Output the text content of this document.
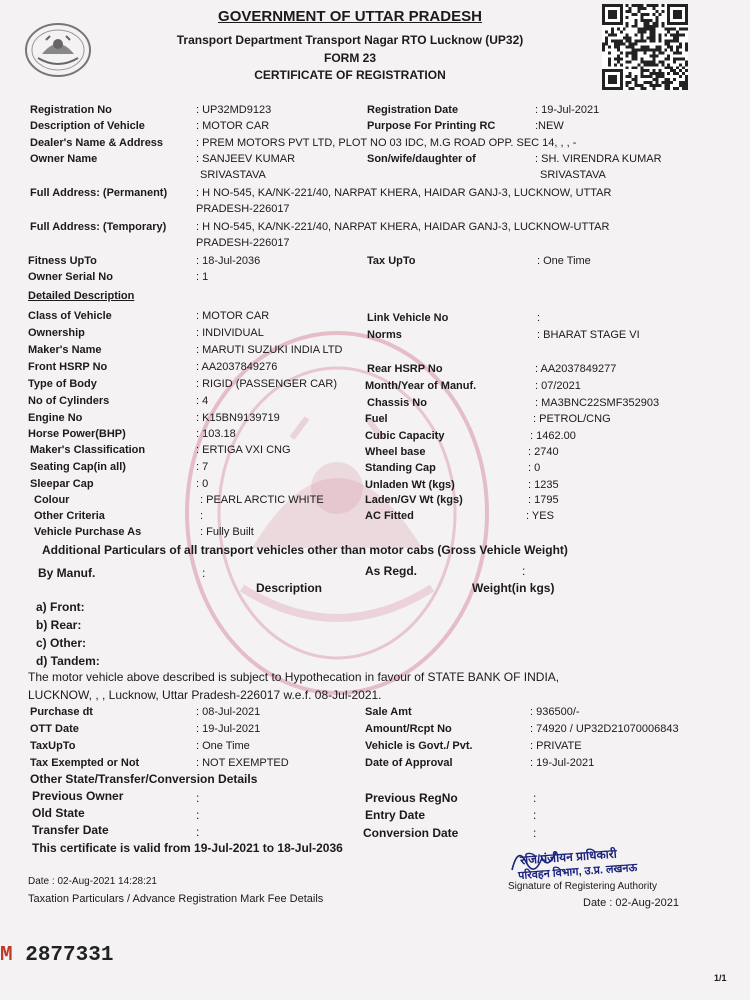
GOVERNMENT OF UTTAR PRADESH
Transport Department Transport Nagar RTO Lucknow (UP32)
FORM 23
CERTIFICATE OF REGISTRATION
Registration No	: UP32MD9123	Registration Date	: 19-Jul-2021
Description of Vehicle	: MOTOR CAR	Purpose For Printing RC	:NEW
Dealer's Name & Address	: PREM MOTORS PVT LTD, PLOT NO 03 IDC, M.G ROAD OPP. SEC 14, , , -
Owner Name	: SANJEEV KUMAR	Son/wife/daughter of	: SH. VIRENDRA KUMAR
SRIVASTAVA	SRIVASTAVA
Full Address: (Permanent)	: H NO-545, KA/NK-221/40, NARPAT KHERA, HAIDAR GANJ-3, LUCKNOW, UTTAR
PRADESH-226017
Full Address: (Temporary)	: H NO-545, KA/NK-221/40, NARPAT KHERA, HAIDAR GANJ-3, LUCKNOW-UTTAR
PRADESH-226017
Fitness UpTo	: 18-Jul-2036	Tax UpTo	: One Time
Owner Serial No	: 1
Detailed Description
Class of Vehicle	: MOTOR CAR	Link Vehicle No	:
Ownership	: INDIVIDUAL	Norms	: BHARAT STAGE VI
Maker's Name	: MARUTI SUZUKI INDIA LTD
Front HSRP No	: AA2037849276	Rear HSRP No	: AA2037849277
Type of Body	: RIGID (PASSENGER CAR)	Month/Year of Manuf.	: 07/2021
No of Cylinders	: 4	Chassis No	: MA3BNC22SMF352903
Engine No	: K15BN9139719	Fuel	: PETROL/CNG
Horse Power(BHP)	: 103.18	Cubic Capacity	: 1462.00
Maker's Classification	: ERTIGA VXI CNG	Wheel base	: 2740
Seating Cap(in all)	: 7	Standing Cap	: 0
Sleepar Cap	: 0	Unladen Wt (kgs)	: 1235
Colour	: PEARL ARCTIC WHITE	Laden/GV Wt (kgs)	: 1795
Other Criteria	:	AC Fitted	: YES
Vehicle Purchase As	: Fully Built
Additional Particulars of all transport vehicles other than motor cabs (Gross Vehicle Weight)
By Manuf.	:	As Regd.	:
Description	Weight(in kgs)
a) Front:
b) Rear:
c) Other:
d) Tandem:
The motor vehicle above described is subject to Hypothecation in favour of STATE BANK OF INDIA,
LUCKNOW, , , Lucknow, Uttar Pradesh-226017 w.e.f. 08-Jul-2021.
Purchase dt	: 08-Jul-2021	Sale Amt	: 936500/-
OTT Date	: 19-Jul-2021	Amount/Rcpt No	: 74920 / UP32D21070006843
TaxUpTo	: One Time	Vehicle is Govt./ Pvt.	: PRIVATE
Tax Exempted or Not	: NOT EXEMPTED	Date of Approval	: 19-Jul-2021
Other State/Transfer/Conversion Details
Previous Owner	:	Previous RegNo	:
Old State	:	Entry Date	:
Transfer Date	:	Conversion Date	:
This certificate is valid from 19-Jul-2021 to 18-Jul-2036
Date : 02-Aug-2021 14:28:21
Taxation Particulars / Advance Registration Mark Fee Details
रजि/पंजीयन प्राधिकारी
परिवहन विभाग, उ.प्र. लखनऊ
Signature of Registering Authority
Date : 02-Aug-2021
M 2877331
1/1
